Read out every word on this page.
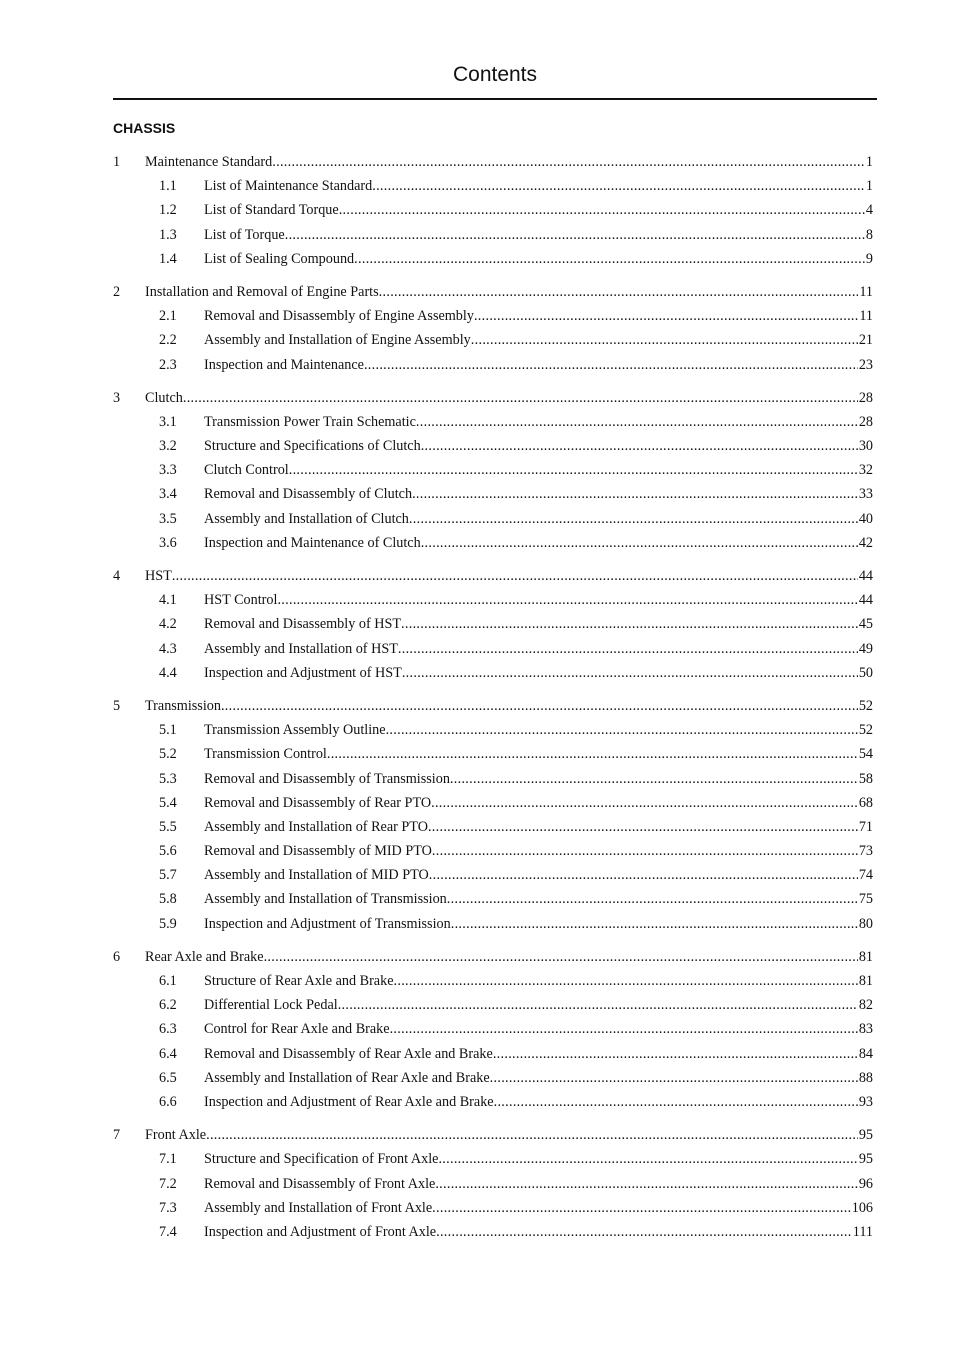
Contents
CHASSIS
1 Maintenance Standard .....	1
1.1 List of Maintenance Standard .....	1
1.2 List of Standard Torque .....	4
1.3 List of Torque .....	8
1.4 List of Sealing Compound .....	9
2 Installation and Removal of Engine Parts .....	11
2.1 Removal and Disassembly of Engine Assembly .....	11
2.2 Assembly and Installation of Engine Assembly .....	21
2.3 Inspection and Maintenance .....	23
3 Clutch .....	28
3.1 Transmission Power Train Schematic .....	28
3.2 Structure and Specifications of Clutch .....	30
3.3 Clutch Control .....	32
3.4 Removal and Disassembly of Clutch .....	33
3.5 Assembly and Installation of Clutch .....	40
3.6 Inspection and Maintenance of Clutch .....	42
4 HST .....	44
4.1 HST Control .....	44
4.2 Removal and Disassembly of HST .....	45
4.3 Assembly and Installation of HST .....	49
4.4 Inspection and Adjustment of HST .....	50
5 Transmission .....	52
5.1 Transmission Assembly Outline .....	52
5.2 Transmission Control .....	54
5.3 Removal and Disassembly of Transmission .....	58
5.4 Removal and Disassembly of Rear PTO .....	68
5.5 Assembly and Installation of Rear PTO .....	71
5.6 Removal and Disassembly of MID PTO .....	73
5.7 Assembly and Installation of MID PTO .....	74
5.8 Assembly and Installation of Transmission .....	75
5.9 Inspection and Adjustment of Transmission .....	80
6 Rear Axle and Brake .....	81
6.1 Structure of Rear Axle and Brake .....	81
6.2 Differential Lock Pedal .....	82
6.3 Control for Rear Axle and Brake .....	83
6.4 Removal and Disassembly of Rear Axle and Brake .....	84
6.5 Assembly and Installation of Rear Axle and Brake .....	88
6.6 Inspection and Adjustment of Rear Axle and Brake .....	93
7 Front Axle .....	95
7.1 Structure and Specification of Front Axle .....	95
7.2 Removal and Disassembly of Front Axle .....	96
7.3 Assembly and Installation of Front Axle .....	106
7.4 Inspection and Adjustment of Front Axle .....	111
